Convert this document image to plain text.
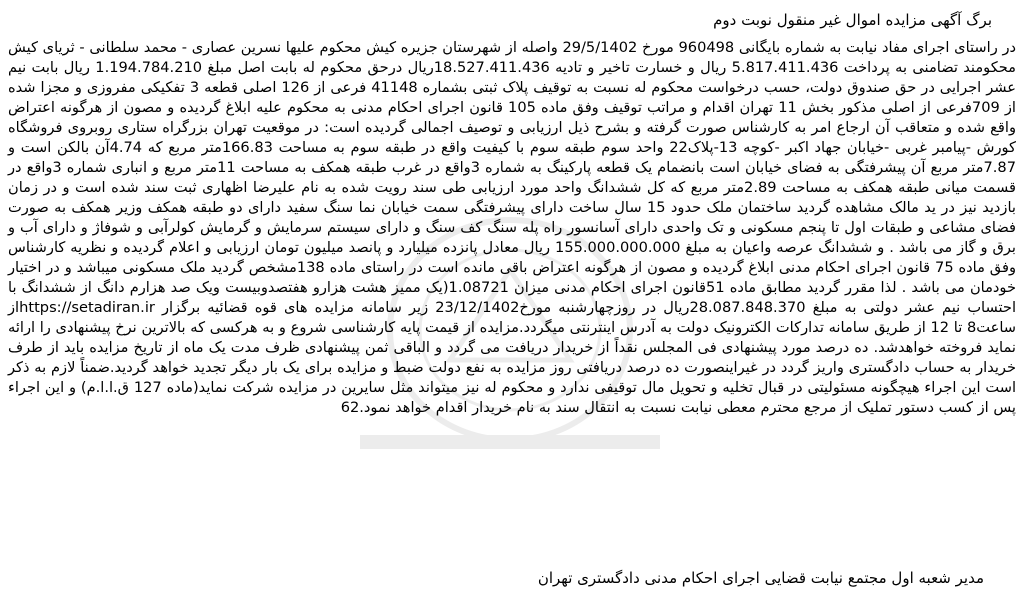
برگ آگهی مزایده اموال غیر منقول نوبت دوم
در راستای اجرای مفاد نیابت به شماره بایگانی 960498 مورخ 29/5/1402 واصله از شهرستان جزیره کیش محکوم علیها نسرین عصاری - محمد سلطانی - ثریای کیش محکومند تضامنی به پرداخت 5.817.411.436 ریال و خسارت تاخیر و تادیه 18.527.411.436ریال درحق محکوم له بابت اصل مبلغ 1.194.784.210 ریال بابت نیم عشر اجرایی در حق صندوق دولت، حسب درخواست محکوم له نسبت به توقیف پلاک ثبتی بشماره 41148 فرعی از 126 اصلی قطعه 3 تفکیکی مفروزی و مجزا شده از 709فرعی از اصلی مذکور بخش 11 تهران اقدام و مراتب توقیف وفق ماده 105 قانون اجرای احکام مدنی به محکوم علیه ابلاغ گردیده و مصون از هرگونه اعتراض واقع شده و متعاقب آن ارجاع امر به کارشناس صورت گرفته و بشرح ذیل ارزیابی و توصیف اجمالی گردیده است: در موقعیت تهران بزرگراه ستاری روبروی فروشگاه کورش -پیامبر غربی -خیابان جهاد اکبر -کوچه 13-پلاک22 واحد سوم طبقه سوم با کیفیت واقع در طبقه سوم به مساحت 166.83متر مربع که 4.74آن بالکن است و 7.87متر مربع آن پیشرفتگی به فضای خیابان است بانضمام یک قطعه پارکینگ به شماره 3واقع در غرب طبقه همکف به مساحت 11متر مربع و انباری شماره 3واقع در قسمت میانی طبقه همکف به مساحت 2.89متر مربع که کل ششدانگ واحد مورد ارزیابی طی سند رویت شده به نام علیرضا اظهاری ثبت سند شده است و در زمان بازدید نیز در ید مالک مشاهده گردید ساختمان ملک حدود 15 سال ساخت دارای پیشرفتگی سمت خیابان نما سنگ سفید دارای دو طبقه همکف وزیر همکف به صورت فضای مشاعی و طبقات اول تا پنجم مسکونی و تک واحدی دارای آسانسور راه پله سنگ کف سنگ و دارای سیستم سرمایش و گرمایش کولرآبی و شوفاژ و دارای آب و برق و گاز می باشد . و ششدانگ عرصه واعیان به مبلغ 155.000.000.000 ریال معادل پانزده میلیارد و پانصد میلیون تومان ارزیابی و اعلام گردیده و نظریه کارشناس وفق ماده 75 قانون اجرای احکام مدنی ابلاغ گردیده و مصون از هرگونه اعتراض باقی مانده است در راستای ماده 138مشخص گردید ملک مسکونی میباشد و در اختیار خودمان می باشد . لذا مقرر گردید مطابق ماده 51قانون اجرای احکام مدنی میزان 1.08721(یک ممیز هشت هزارو هفتصدوبیست ویک صد هزارم دانگ از ششدانگ با احتساب نیم عشر دولتی به مبلغ 28.087.848.370ریال در روزچهارشنبه مورخ23/12/1402 زیر سامانه مزایده های قوه قضائیه برگزار https://setadiran.irاز ساعت8 تا 12 از طریق سامانه تدارکات الکترونیک دولت به آدرس اینترنتی میگردد.مزایده از قیمت پایه کارشناسی شروع و به هرکسی که بالاترین نرخ پیشنهادی را ارائه نماید فروخته خواهدشد. ده درصد مورد پیشنهادی فی المجلس نقداً از خریدار دریافت می گردد و الباقی ثمن پیشنهادی ظرف مدت یک ماه از تاریخ مزایده باید از طرف خریدار به حساب دادگستری واریز گردد در غیراینصورت ده درصد دریافتی روز مزایده به نفع دولت ضبط و مزایده برای یک بار دیگر تجدید خواهد گردید.ضمناً لازم به ذکر است این اجراء هیچگونه مسئولیتی در قبال تخلیه و تحویل مال توقیفی ندارد و محکوم له نیز میتواند مثل سایرین در مزایده شرکت نماید(ماده 127 ق.ا.ا.م) و این اجراء پس از کسب دستور تملیک از مرجع محترم معطی نیابت نسبت به انتقال سند به نام خریدار اقدام خواهد نمود.62
مدیر شعبه اول مجتمع نیابت قضایی اجرای احکام مدنی دادگستری تهران
